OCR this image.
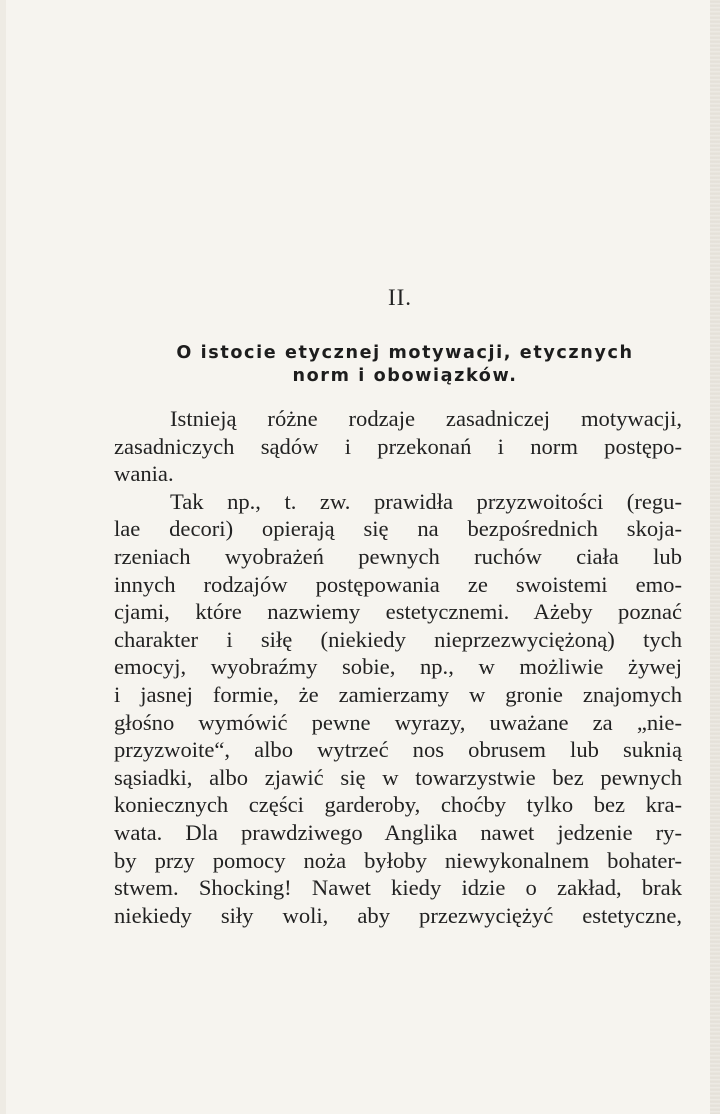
II.
O istocie etycznej motywacji, etycznych
norm i obowiązków.
Istnieją różne rodzaje zasadniczej motywacji,
zasadniczych sądów i przekonań i norm postępo-
wania.
Tak np., t. zw. prawidła przyzwoitości (regu-
lae decori) opierają się na bezpośrednich skoja-
rzeniach wyobrażeń pewnych ruchów ciała lub
innych rodzajów postępowania ze swoistemi emo-
cjami, które nazwiemy estetycznemi. Ażeby poznać
charakter i siłę (niekiedy nieprzezwyciężoną) tych
emocyj, wyobraźmy sobie, np., w możliwie żywej
i jasnej formie, że zamierzamy w gronie znajomych
głośno wymówić pewne wyrazy, uważane za „nie-
przyzwoite“, albo wytrzeć nos obrusem lub suknią
sąsiadki, albo zjawić się w towarzystwie bez pewnych
koniecznych części garderoby, choćby tylko bez kra-
wata. Dla prawdziwego Anglika nawet jedzenie ry-
by przy pomocy noża byłoby niewykonalnem bohater-
stwem. Shocking! Nawet kiedy idzie o zakład, brak
niekiedy siły woli, aby przezwyciężyć estetyczne,
